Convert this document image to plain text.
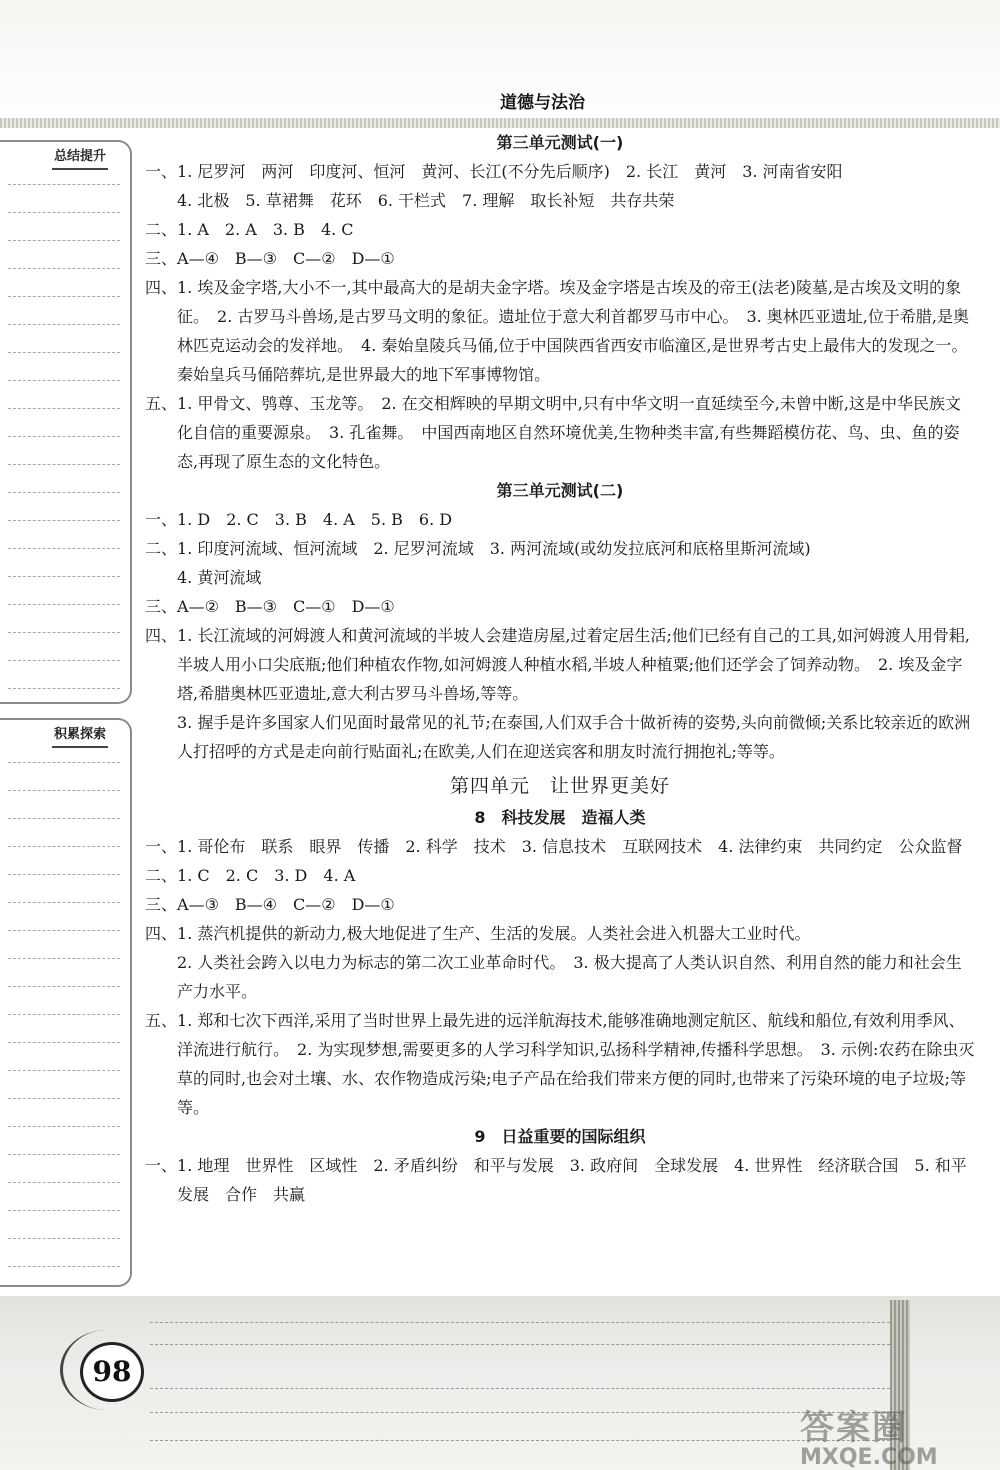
道德与法治
总结提升
积累探索

第三单元测试(一)

一、 1. 尼罗河　两河　印度河、恒河　黄河、长江(不分先后顺序)　2. 长江　黄河　3. 河南省安阳

4. 北极　5. 草裙舞　花环　6. 干栏式　7. 理解　取长补短　共存共荣

二、 1. A　2. A　3. B　4. C

三、 A—④　B—③　C—②　D—①

四、 1. 埃及金字塔,大小不一,其中最高大的是胡夫金字塔。埃及金字塔是古埃及的帝王(法老)陵墓,是古埃及文明的象征。　2. 古罗马斗兽场,是古罗马文明的象征。遗址位于意大利首都罗马市中心。　3. 奥林匹亚遗址,位于希腊,是奥林匹克运动会的发祥地。　4. 秦始皇陵兵马俑,位于中国陕西省西安市临潼区,是世界考古史上最伟大的发现之一。秦始皇兵马俑陪葬坑,是世界最大的地下军事博物馆。

五、 1. 甲骨文、鸮尊、玉龙等。　2. 在交相辉映的早期文明中,只有中华文明一直延续至今,未曾中断,这是中华民族文化自信的重要源泉。　3. 孔雀舞。　中国西南地区自然环境优美,生物种类丰富,有些舞蹈模仿花、鸟、虫、鱼的姿态,再现了原生态的文化特色。

第三单元测试(二)

一、 1. D　2. C　3. B　4. A　5. B　6. D

二、 1. 印度河流域、恒河流域　2. 尼罗河流域　3. 两河流域(或幼发拉底河和底格里斯河流域)

4. 黄河流域

三、 A—②　B—③　C—①　D—①

四、 1. 长江流域的河姆渡人和黄河流域的半坡人会建造房屋,过着定居生活;他们已经有自己的工具,如河姆渡人用骨耜,半坡人用小口尖底瓶;他们种植农作物,如河姆渡人种植水稻,半坡人种植粟;他们还学会了饲养动物。　2. 埃及金字塔,希腊奥林匹亚遗址,意大利古罗马斗兽场,等等。

3. 握手是许多国家人们见面时最常见的礼节;在泰国,人们双手合十做祈祷的姿势,头向前微倾;关系比较亲近的欧洲人打招呼的方式是走向前行贴面礼;在欧美,人们在迎送宾客和朋友时流行拥抱礼;等等。

第四单元　让世界更美好

8　科技发展　造福人类

一、 1. 哥伦布　联系　眼界　传播　2. 科学　技术　3. 信息技术　互联网技术　4. 法律约束　共同约定　公众监督

二、 1. C　2. C　3. D　4. A

三、 A—③　B—④　C—②　D—①

四、 1. 蒸汽机提供的新动力,极大地促进了生产、生活的发展。人类社会进入机器大工业时代。

2. 人类社会跨入以电力为标志的第二次工业革命时代。　3. 极大提高了人类认识自然、利用自然的能力和社会生产力水平。

五、 1. 郑和七次下西洋,采用了当时世界上最先进的远洋航海技术,能够准确地测定航区、航线和船位,有效利用季风、洋流进行航行。　2. 为实现梦想,需要更多的人学习科学知识,弘扬科学精神,传播科学思想。　3. 示例:农药在除虫灭草的同时,也会对土壤、水、农作物造成污染;电子产品在给我们带来方便的同时,也带来了污染环境的电子垃圾;等等。

9　日益重要的国际组织

一、 1. 地理　世界性　区域性　2. 矛盾纠纷　和平与发展　3. 政府间　全球发展　4. 世界性　经济联合国　5. 和平　发展　合作　共赢

98
答案圈
MXQE.COM
